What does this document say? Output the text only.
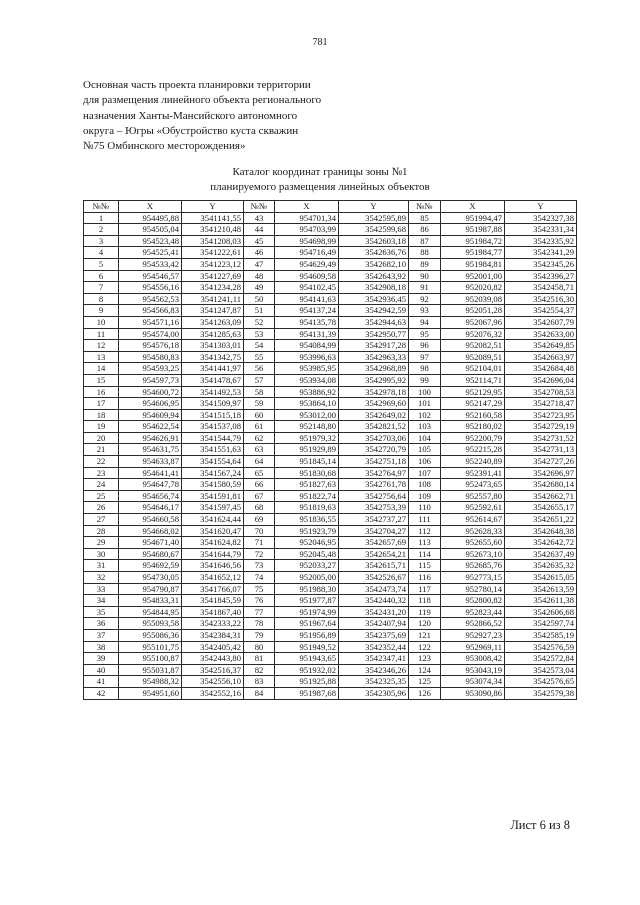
781
Основная часть проекта планировки территории
для размещения линейного объекта регионального
назначения Ханты-Мансийского автономного
округа – Югры «Обустройство куста скважин
№75 Омбинского месторождения»
Каталог координат границы зоны №1
планируемого размещения линейных объектов
№№	X	Y	№№	X	Y	№№	X	Y
1	954495,88	3541141,55	43	954701,34	3542595,89	85	951994,47	3542327,38
2	954505,04	3541210,48	44	954703,99	3542599,68	86	951987,88	3542331,34
3	954523,48	3541208,03	45	954698,99	3542603,18	87	951984,72	3542335,92
4	954525,41	3541222,61	46	954716,49	3542636,76	88	951984,77	3542341,29
5	954533,42	3541223,12	47	954629,49	3542682,10	89	951984,81	3542345,26
6	954546,57	3541227,69	48	954609,58	3542643,92	90	952001,00	3542396,27
7	954556,16	3541234,28	49	954102,45	3542908,18	91	952020,82	3542458,71
8	954562,53	3541241,11	50	954141,63	3542936,45	92	952039,08	3542516,30
9	954566,83	3541247,87	51	954137,24	3542942,59	93	952051,28	3542554,37
10	954571,16	3541263,09	52	954135,78	3542944,63	94	952067,96	3542607,79
11	954574,00	3541285,63	53	954131,39	3542950,77	95	952076,32	3542633,00
12	954576,18	3541303,01	54	954084,99	3542917,28	96	952082,51	3542649,85
13	954580,83	3541342,75	55	953996,63	3542963,33	97	952089,51	3542663,97
14	954593,25	3541441,97	56	953985,95	3542968,89	98	952104,01	3542684,48
15	954597,73	3541478,67	57	953934,08	3542995,92	99	952114,71	3542696,04
16	954600,72	3541492,53	58	953886,92	3542978,18	100	952129,95	3542708,53
17	954606,95	3541509,97	59	953864,10	3542969,60	101	952147,29	3542718,47
18	954609,94	3541515,18	60	953012,00	3542649,02	102	952160,58	3542723,95
19	954622,54	3541537,08	61	952148,80	3542821,52	103	952180,02	3542729,19
20	954626,91	3541544,79	62	951979,32	3542703,06	104	952200,79	3542731,52
21	954631,75	3541551,63	63	951929,89	3542720,79	105	952215,28	3542731,13
22	954633,87	3541554,64	64	951845,14	3542751,18	106	952240,89	3542727,26
23	954641,41	3541567,24	65	951830,68	3542764,97	107	952391,41	3542696,97
24	954647,78	3541580,59	66	951827,63	3542761,78	108	952473,65	3542680,14
25	954656,74	3541591,81	67	951822,74	3542756,64	109	952557,80	3542662,71
26	954646,17	3541597,45	68	951819,63	3542753,39	110	952592,61	3542655,17
27	954660,58	3541624,44	69	951836,55	3542737,27	111	952614,67	3542651,22
28	954668,02	3541620,47	70	951923,79	3542704,27	112	952628,33	3542648,38
29	954671,40	3541624,82	71	952046,95	3542657,69	113	952655,60	3542642,72
30	954680,67	3541644,79	72	952045,48	3542654,21	114	952673,10	3542637,49
31	954692,59	3541646,56	73	952033,27	3542615,71	115	952685,76	3542635,32
32	954730,05	3541652,12	74	952005,00	3542526,67	116	952773,15	3542615,05
33	954790,87	3541766,07	75	951988,30	3542473,74	117	952780,14	3542613,59
34	954833,31	3541845,59	76	951977,87	3542440,32	118	952800,82	3542611,38
35	954844,95	3541867,40	77	951974,99	3542431,20	119	952823,44	3542606,68
36	955093,58	3542333,22	78	951967,64	3542407,94	120	952866,52	3542597,74
37	955086,36	3542384,31	79	951956,89	3542375,69	121	952927,23	3542585,19
38	955101,75	3542405,42	80	951949,52	3542352,44	122	952969,11	3542576,59
39	955100,87	3542443,80	81	951943,65	3542347,41	123	953008,42	3542572,84
40	955031,87	3542516,37	82	951932,02	3542346,26	124	953043,19	3542573,04
41	954988,32	3542556,10	83	951925,88	3542325,35	125	953074,34	3542576,65
42	954951,60	3542552,16	84	951987,68	3542305,96	126	953090,86	3542579,38
Лист 6 из 8
